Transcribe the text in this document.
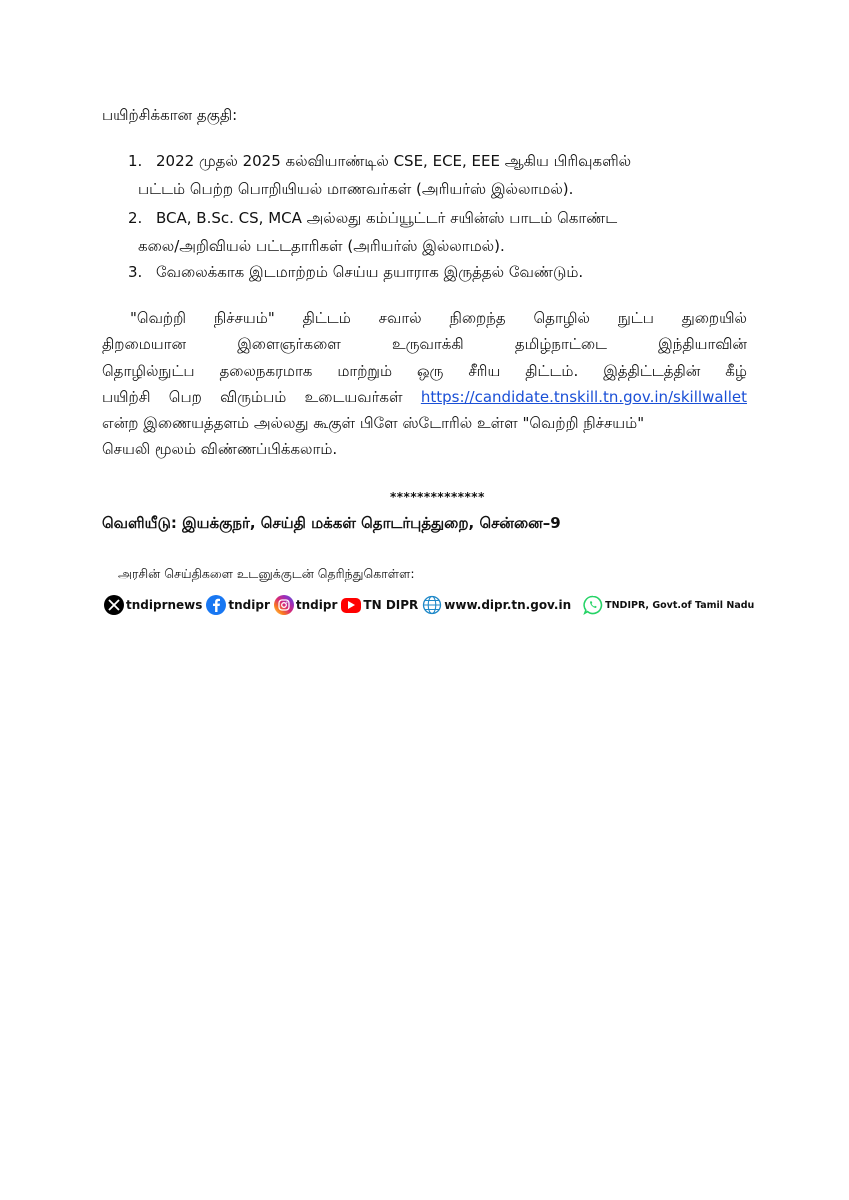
பயிற்சிக்கான தகுதி:
1. 2022 முதல் 2025 கல்வியாண்டில் CSE, ECE, EEE ஆகிய பிரிவுகளில்
பட்டம் பெற்ற பொறியியல் மாணவர்கள் (அரியர்ஸ் இல்லாமல்).
2. BCA, B.Sc. CS, MCA அல்லது கம்ப்யூட்டர் சயின்ஸ் பாடம் கொண்ட
கலை/அறிவியல் பட்டதாரிகள் (அரியர்ஸ் இல்லாமல்).
3. வேலைக்காக இடமாற்றம் செய்ய தயாராக இருத்தல் வேண்டும்.
"வெற்றி நிச்சயம்" திட்டம் சவால் நிறைந்த தொழில் நுட்ப துறையில்
திறமையான	இளைஞர்களை	உருவாக்கி	தமிழ்நாட்டை	இந்தியாவின்
தொழில்நுட்ப தலைநகரமாக மாற்றும் ஒரு சீரிய திட்டம். இத்திட்டத்தின் கீழ்
பயிற்சி பெற விரும்பம் உடையவர்கள் https://candidate.tnskill.tn.gov.in/skillwallet
என்ற இணையத்தளம் அல்லது கூகுள் பிளே ஸ்டோரில் உள்ள "வெற்றி நிச்சயம்"
செயலி மூலம் விண்ணப்பிக்கலாம்.
**************
வெளியீடு: இயக்குநர், செய்தி மக்கள் தொடர்புத்துறை, சென்னை–9
அரசின் செய்திகளை உடனுக்குடன் தெரிந்துகொள்ள:
tndiprnews tndipr tndipr TN DIPR www.dipr.tn.gov.in	TNDIPR, Govt.of Tamil Nadu
